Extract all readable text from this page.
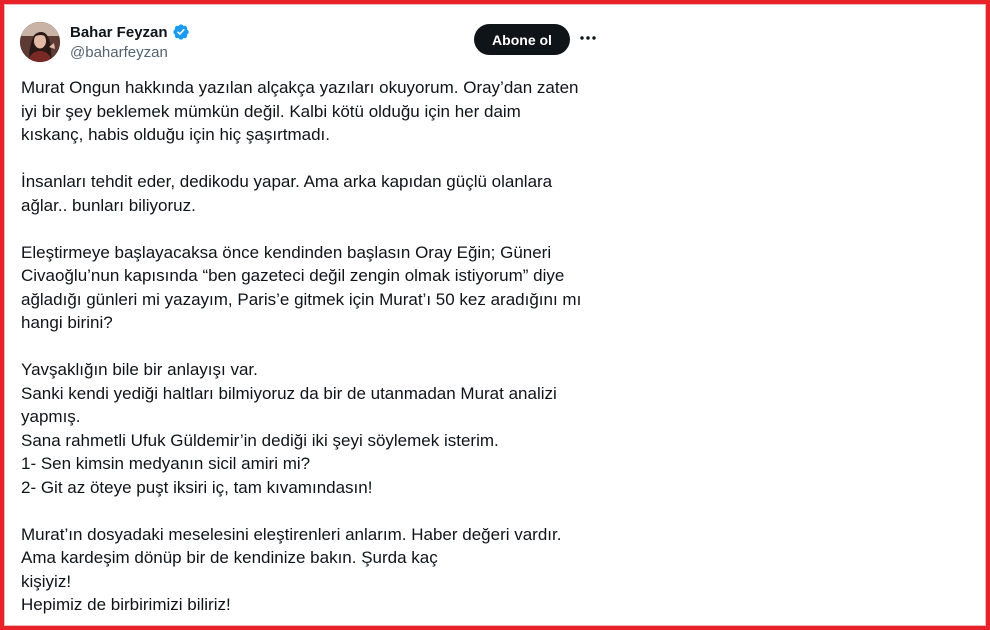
Bahar Feyzan
@baharfeyzan
Abone ol
Murat Ongun hakkında yazılan alçakça yazıları okuyorum. Oray’dan zaten
iyi bir şey beklemek mümkün değil. Kalbi kötü olduğu için her daim
kıskanç, habis olduğu için hiç şaşırtmadı.
İnsanları tehdit eder, dedikodu yapar. Ama arka kapıdan güçlü olanlara
ağlar.. bunları biliyoruz.
Eleştirmeye başlayacaksa önce kendinden başlasın Oray Eğin; Güneri
Civaoğlu’nun kapısında “ben gazeteci değil zengin olmak istiyorum” diye
ağladığı günleri mi yazayım, Paris’e gitmek için Murat’ı 50 kez aradığını mı
hangi birini?
Yavşaklığın bile bir anlayışı var.
Sanki kendi yediği haltları bilmiyoruz da bir de utanmadan Murat analizi
yapmış.
Sana rahmetli Ufuk Güldemir’in dediği iki şeyi söylemek isterim.
1- Sen kimsin medyanın sicil amiri mi?
2- Git az öteye puşt iksiri iç, tam kıvamındasın!
Murat’ın dosyadaki meselesini eleştirenleri anlarım. Haber değeri vardır.
Ama kardeşim dönüp bir de kendinize bakın. Şurda kaç
kişiyiz!
Hepimiz de birbirimizi biliriz!
